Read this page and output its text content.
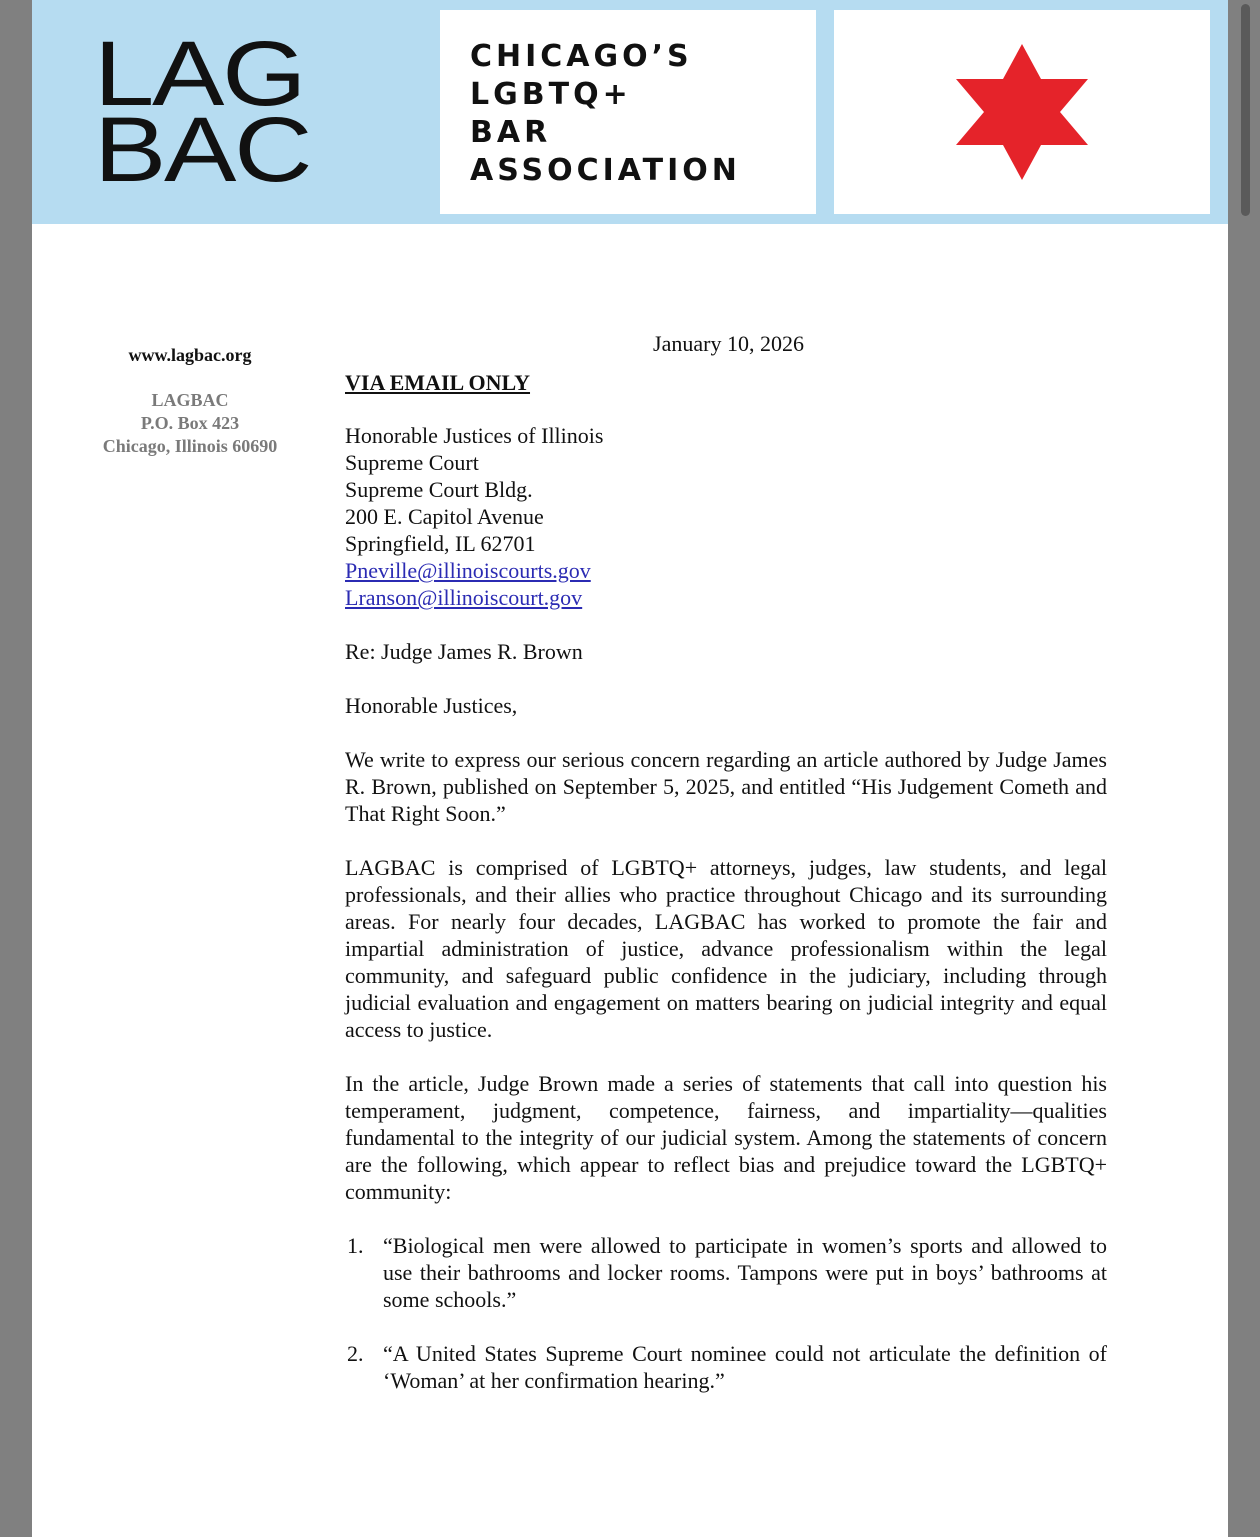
LAG
BAC
CHICAGO’S
LGBTQ+
BAR
ASSOCIATION
www.lagbac.org
LAGBAC
P.O. Box 423
Chicago, Illinois 60690
January 10, 2026
VIA EMAIL ONLY
Honorable Justices of Illinois
Supreme Court
Supreme Court Bldg.
200 E. Capitol Avenue
Springfield, IL 62701
Pneville@illinoiscourts.gov
Lranson@illinoiscourt.gov
Re: Judge James R. Brown
Honorable Justices,

We write to express our serious concern regarding an article authored by Judge James R. Brown, published on September 5, 2025, and entitled “His Judgement Cometh and That Right Soon.”

LAGBAC is comprised of LGBTQ+ attorneys, judges, law students, and legal professionals, and their allies who practice throughout Chicago and its surrounding areas. For nearly four decades, LAGBAC has worked to promote the fair and impartial administration of justice, advance professionalism within the legal community, and safeguard public confidence in the judiciary, including through judicial evaluation and engagement on matters bearing on judicial integrity and equal access to justice.

In the article, Judge Brown made a series of statements that call into question his temperament, judgment, competence, fairness, and impartiality—qualities fundamental to the integrity of our judicial system. Among the statements of concern are the following, which appear to reflect bias and prejudice toward the LGBTQ+ community:

1. “Biological men were allowed to participate in women’s sports and allowed to use their bathrooms and locker rooms. Tampons were put in boys’ bathrooms at some schools.”
2. “A United States Supreme Court nominee could not articulate the definition of ‘Woman’ at her confirmation hearing.”
